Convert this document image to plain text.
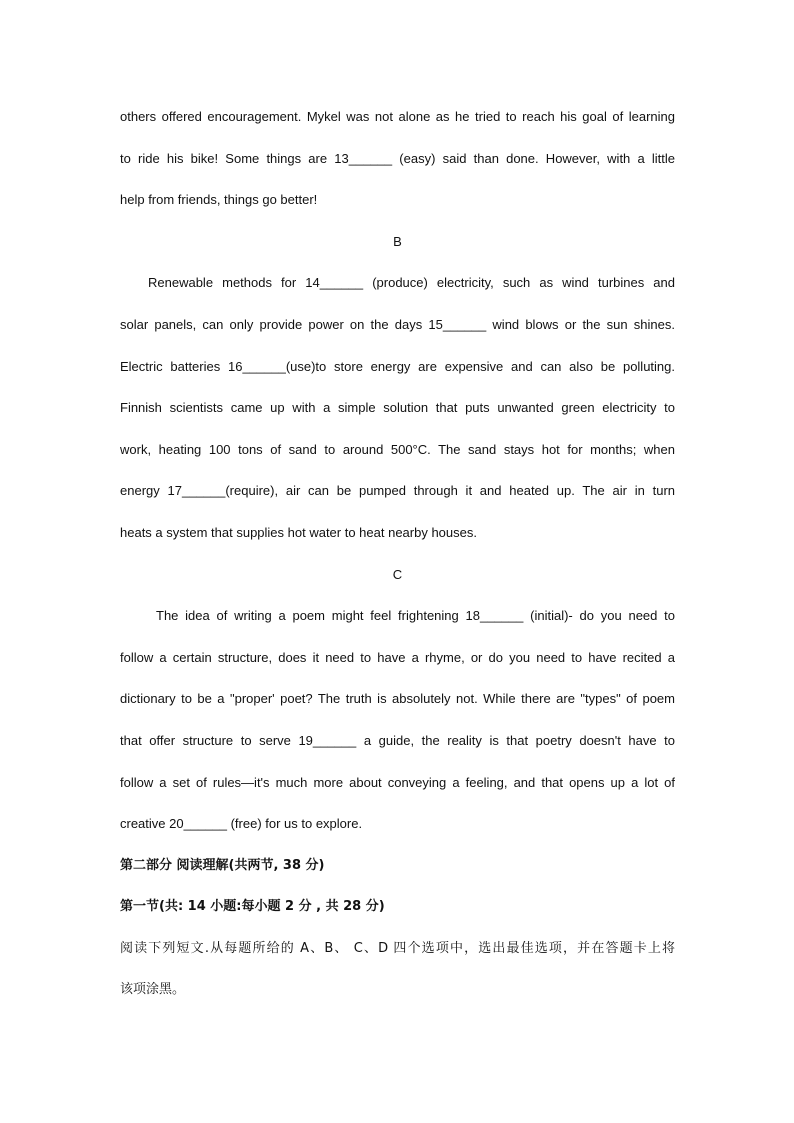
others offered encouragement. Mykel was not alone as he tried to reach his goal of learning

to ride his bike! Some things are 13______ (easy) said than done. However, with a little

help from friends, things go better!

B

Renewable methods for 14______ (produce) electricity, such as wind turbines and

solar panels, can only provide power on the days 15______ wind blows or the sun shines.

Electric batteries 16______(use)to store energy are expensive and can also be polluting.

Finnish scientists came up with a simple solution that puts unwanted green electricity to

work, heating 100 tons of sand to around 500°C. The sand stays hot for months; when

energy 17______(require), air can be pumped through it and heated up. The air in turn

heats a system that supplies hot water to heat nearby houses.

C

The idea of writing a poem might feel frightening 18______ (initial)- do you need to

follow a certain structure, does it need to have a rhyme, or do you need to have recited a

dictionary to be a "proper' poet? The truth is absolutely not. While there are "types" of poem

that offer structure to serve 19______ a guide, the reality is that poetry doesn't have to

follow a set of rules—it's much more about conveying a feeling, and that opens up a lot of

creative 20______ (free) for us to explore.

第二部分 阅读理解(共两节, 38 分)

第一节(共: 14 小题:每小题 2 分 , 共 28 分)

阅读下列短文.从每题所给的 A、B、 C、D 四个选项中，选出最佳选项，并在答题卡上将

该项涂黑。
